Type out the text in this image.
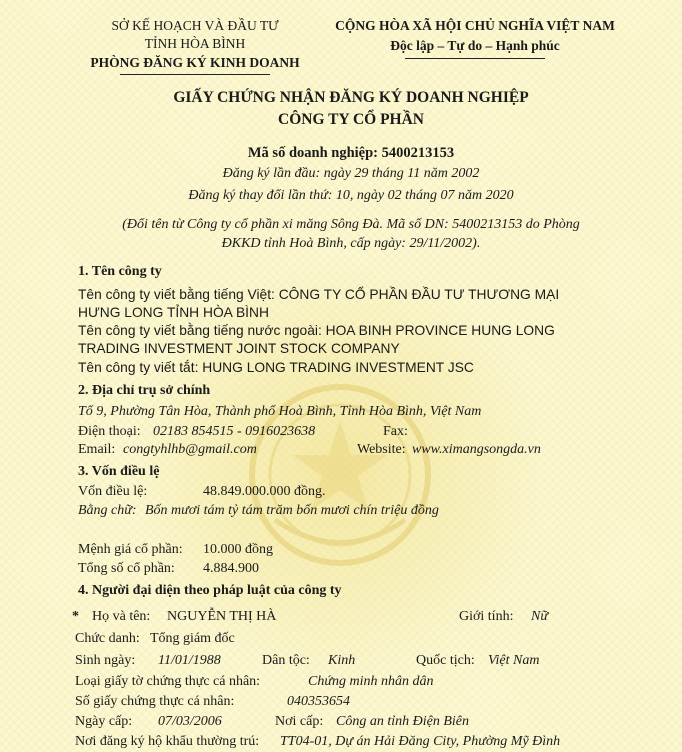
SỞ KẾ HOẠCH VÀ ĐẦU TƯ
TỈNH HÒA BÌNH
PHÒNG ĐĂNG KÝ KINH DOANH
CỘNG HÒA XÃ HỘI CHỦ NGHĨA VIỆT NAM
Độc lập – Tự do – Hạnh phúc
GIẤY CHỨNG NHẬN ĐĂNG KÝ DOANH NGHIỆP
CÔNG TY CỔ PHẦN
Mã số doanh nghiệp: 5400213153
Đăng ký lần đầu: ngày 29 tháng 11 năm 2002
Đăng ký thay đổi lần thứ: 10, ngày 02 tháng 07 năm 2020
(Đổi tên từ Công ty cổ phần xi măng Sông Đà. Mã số DN: 5400213153 do Phòng
ĐKKD tỉnh Hoà Bình, cấp ngày: 29/11/2002).
1. Tên công ty
Tên công ty viết bằng tiếng Việt: CÔNG TY CỔ PHẦN ĐẦU TƯ THƯƠNG MẠI
HƯNG LONG TỈNH HÒA BÌNH
Tên công ty viết bằng tiếng nước ngoài: HOA BINH PROVINCE HUNG LONG
TRADING INVESTMENT JOINT STOCK COMPANY
Tên công ty viết tắt: HUNG LONG TRADING INVESTMENT JSC
2. Địa chỉ trụ sở chính
Tổ 9, Phường Tân Hòa, Thành phố Hoà Bình, Tỉnh Hòa Bình, Việt Nam
Điện thoại: 02183 854515 - 0916023638	Fax:
Email: congtyhlhb@gmail.com	Website: www.ximangsongda.vn
3. Vốn điều lệ
Vốn điều lệ:	48.849.000.000 đồng.
Bằng chữ: Bốn mươi tám tỷ tám trăm bốn mươi chín triệu đồng
Mệnh giá cổ phần: 10.000 đồng
Tổng số cổ phần: 4.884.900
4. Người đại diện theo pháp luật của công ty
* Họ và tên: NGUYỄN THỊ HÀ	Giới tính: Nữ
Chức danh: Tổng giám đốc
Sinh ngày: 11/01/1988	Dân tộc: Kinh	Quốc tịch: Việt Nam
Loại giấy tờ chứng thực cá nhân:	Chứng minh nhân dân
Số giấy chứng thực cá nhân:	040353654
Ngày cấp: 07/03/2006	Nơi cấp: Công an tỉnh Điện Biên
Nơi đăng ký hộ khẩu thường trú: TT04-01, Dự án Hải Đăng City, Phường Mỹ Đình
